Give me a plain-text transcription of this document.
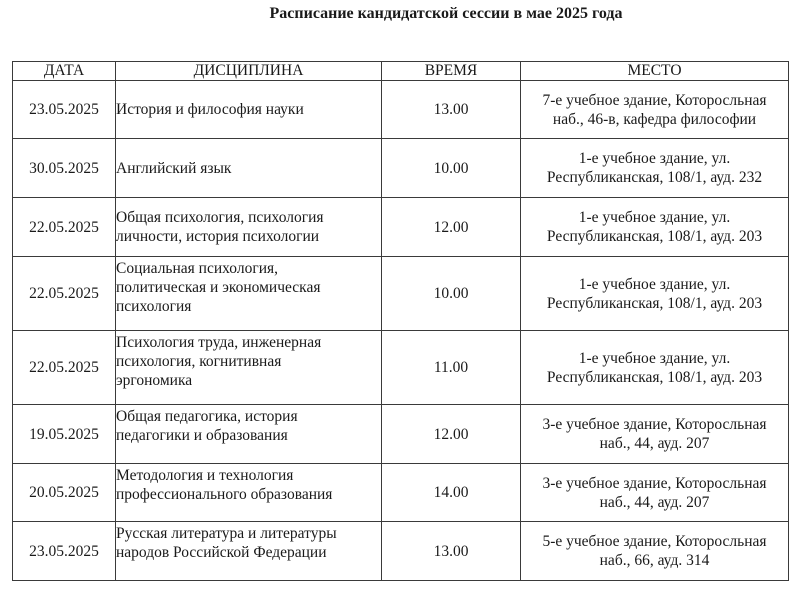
Расписание кандидатской сессии в мае 2025 года
ДАТА	ДИСЦИПЛИНА	ВРЕМЯ	МЕСТО
23.05.2025	История и философия науки	13.00	7-е учебное здание, Которосльная
наб., 46-в, кафедра философии

30.05.2025	Английский язык	10.00	1-е учебное здание, ул.
Республиканская, 108/1, ауд. 232

22.05.2025	Общая психология, психология
личности, история психологии	12.00	1-е учебное здание, ул.
Республиканская, 108/1, ауд. 203

22.05.2025	Социальная психология,
политическая и экономическая
психология	10.00	1-е учебное здание, ул.
Республиканская, 108/1, ауд. 203

22.05.2025	Психология труда, инженерная
психология, когнитивная
эргономика	11.00	1-е учебное здание, ул.
Республиканская, 108/1, ауд. 203

19.05.2025	Общая педагогика, история
педагогики и образования	12.00	3-е учебное здание, Которосльная
наб., 44, ауд. 207

20.05.2025	Методология и технология
профессионального образования	14.00	3-е учебное здание, Которосльная
наб., 44, ауд. 207

23.05.2025	Русская литература и литературы
народов Российской Федерации	13.00	5-е учебное здание, Которосльная
наб., 66, ауд. 314
